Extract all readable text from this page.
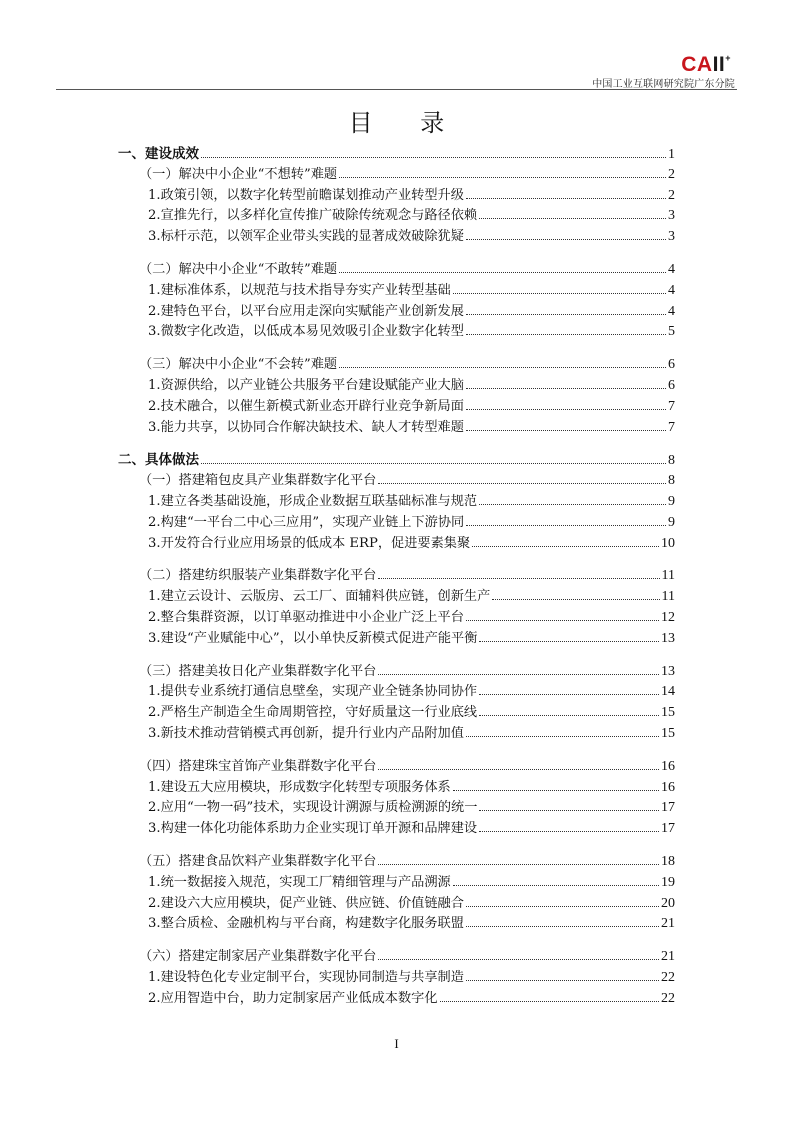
CAII+
中国工业互联网研究院广东分院
目 录
一、建设成效	1
（一）解决中小企业“不想转”难题	2
1.政策引领，以数字化转型前瞻谋划推动产业转型升级	2
2.宣推先行，以多样化宣传推广破除传统观念与路径依赖	3
3.标杆示范，以领军企业带头实践的显著成效破除犹疑	3
（二）解决中小企业“不敢转”难题	4
1.建标准体系，以规范与技术指导夯实产业转型基础	4
2.建特色平台，以平台应用走深向实赋能产业创新发展	4
3.微数字化改造，以低成本易见效吸引企业数字化转型	5
（三）解决中小企业“不会转”难题	6
1.资源供给，以产业链公共服务平台建设赋能产业大脑	6
2.技术融合，以催生新模式新业态开辟行业竞争新局面	7
3.能力共享，以协同合作解决缺技术、缺人才转型难题	7
二、具体做法	8
（一）搭建箱包皮具产业集群数字化平台	8
1.建立各类基础设施，形成企业数据互联基础标准与规范	9
2.构建“一平台二中心三应用”，实现产业链上下游协同	9
3.开发符合行业应用场景的低成本 ERP，促进要素集聚	10
（二）搭建纺织服装产业集群数字化平台	11
1.建立云设计、云版房、云工厂、面辅料供应链，创新生产	11
2.整合集群资源，以订单驱动推进中小企业广泛上平台	12
3.建设“产业赋能中心”，以小单快反新模式促进产能平衡	13
（三）搭建美妆日化产业集群数字化平台	13
1.提供专业系统打通信息壁垒，实现产业全链条协同协作	14
2.严格生产制造全生命周期管控，守好质量这一行业底线	15
3.新技术推动营销模式再创新，提升行业内产品附加值	15
（四）搭建珠宝首饰产业集群数字化平台	16
1.建设五大应用模块，形成数字化转型专项服务体系	16
2.应用“一物一码”技术，实现设计溯源与质检溯源的统一	17
3.构建一体化功能体系助力企业实现订单开源和品牌建设	17
（五）搭建食品饮料产业集群数字化平台	18
1.统一数据接入规范，实现工厂精细管理与产品溯源	19
2.建设六大应用模块，促产业链、供应链、价值链融合	20
3.整合质检、金融机构与平台商，构建数字化服务联盟	21
（六）搭建定制家居产业集群数字化平台	21
1.建设特色化专业定制平台，实现协同制造与共享制造	22
2.应用智造中台，助力定制家居产业低成本数字化	22
I
